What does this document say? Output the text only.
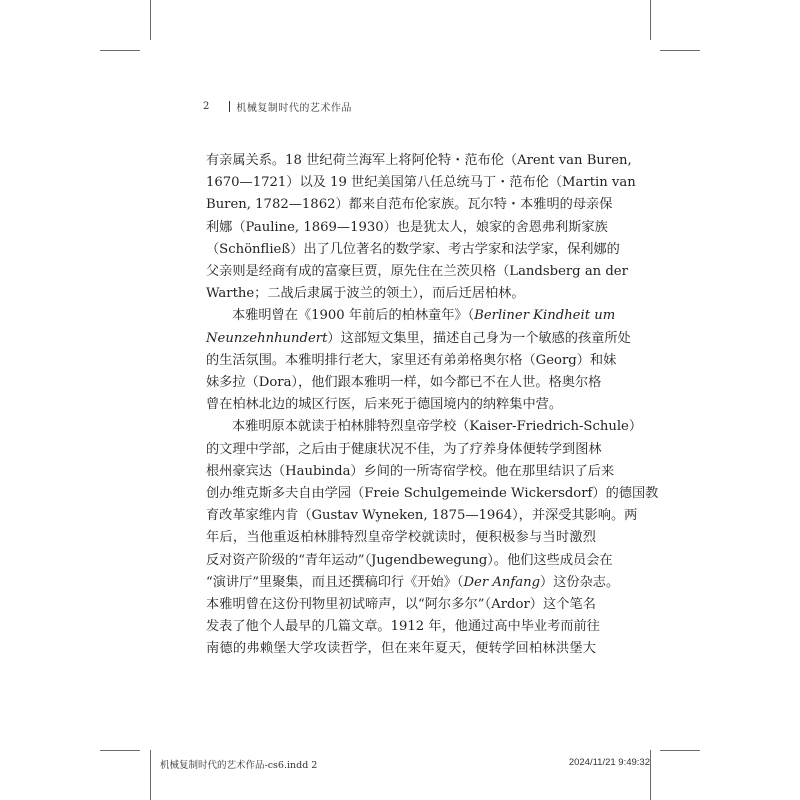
2	机械复制时代的艺术作品
有亲属关系。18 世纪荷兰海军上将阿伦特・范布伦（Arent van Buren,
1670—1721）以及 19 世纪美国第八任总统马丁・范布伦（Martin van
Buren, 1782—1862）都来自范布伦家族。瓦尔特・本雅明的母亲保
利娜（Pauline, 1869—1930）也是犹太人，娘家的舍恩弗利斯家族
（Schönfließ）出了几位著名的数学家、考古学家和法学家，保利娜的
父亲则是经商有成的富豪巨贾，原先住在兰茨贝格（Landsberg an der
Warthe；二战后隶属于波兰的领土），而后迁居柏林。
本雅明曾在《1900 年前后的柏林童年》（Berliner Kindheit um
Neunzehnhundert）这部短文集里，描述自己身为一个敏感的孩童所处
的生活氛围。本雅明排行老大，家里还有弟弟格奥尔格（Georg）和妹
妹多拉（Dora），他们跟本雅明一样，如今都已不在人世。格奥尔格
曾在柏林北边的城区行医，后来死于德国境内的纳粹集中营。
本雅明原本就读于柏林腓特烈皇帝学校（Kaiser-Friedrich-Schule）
的文理中学部，之后由于健康状况不佳，为了疗养身体便转学到图林
根州豪宾达（Haubinda）乡间的一所寄宿学校。他在那里结识了后来
创办维克斯多夫自由学园（Freie Schulgemeinde Wickersdorf）的德国教
育改革家维内肯（Gustav Wyneken, 1875—1964），并深受其影响。两
年后，当他重返柏林腓特烈皇帝学校就读时，便积极参与当时激烈
反对资产阶级的“青年运动”（Jugendbewegung）。他们这些成员会在
“演讲厅”里聚集，而且还撰稿印行《开始》（Der Anfang）这份杂志。
本雅明曾在这份刊物里初试啼声，以“阿尔多尔”（Ardor）这个笔名
发表了他个人最早的几篇文章。1912 年，他通过高中毕业考而前往
南德的弗赖堡大学攻读哲学，但在来年夏天，便转学回柏林洪堡大
机械复制时代的艺术作品-cs6.indd 2	2024/11/21 9:49:32
